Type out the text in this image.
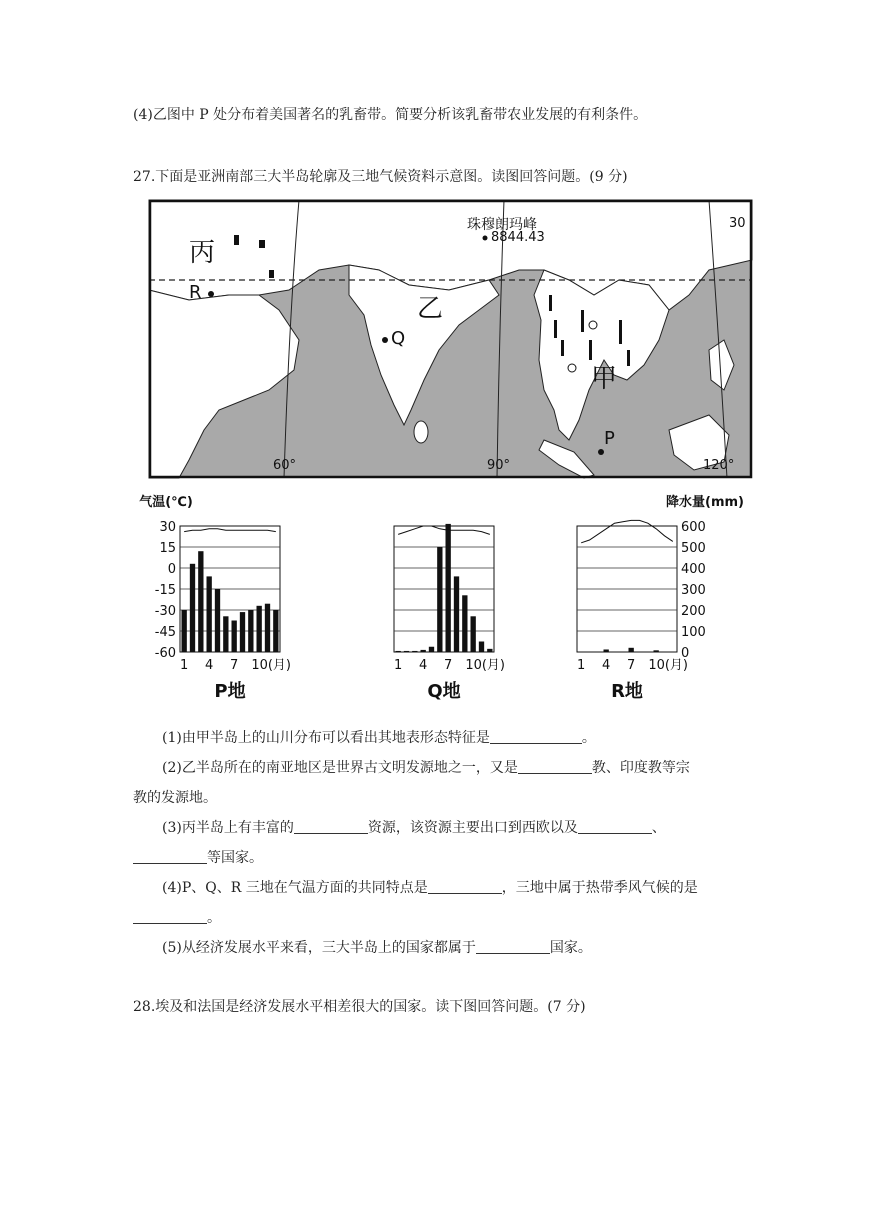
(4)乙图中 P 处分布着美国著名的乳畜带。简要分析该乳畜带农业发展的有利条件。
27.下面是亚洲南部三大半岛轮廓及三地气候资料示意图。读图回答问题。(9 分)
珠穆朗玛峰
8844.43
丙
乙
甲
R
Q
P
60°	90°	120°
30
1 4 7 10(月)
P地
30
15
0
-15
-30
-45
-60
气温(℃)
1 4 7 10(月)
Q地
1 4 7 10(月)
R地
600
500
400
300
200
100
0
降水量(mm)
(1)由甲半岛上的山川分布可以看出其地表形态特征是	。
(2)乙半岛所在的南亚地区是世界古文明发源地之一，又是	教、印度教等宗
教的发源地。
(3)丙半岛上有丰富的	资源，该资源主要出口到西欧以及	、
等国家。
(4)P、Q、R 三地在气温方面的共同特点是	，三地中属于热带季风气候的是
。
(5)从经济发展水平来看，三大半岛上的国家都属于	国家。
28.埃及和法国是经济发展水平相差很大的国家。读下图回答问题。(7 分)
